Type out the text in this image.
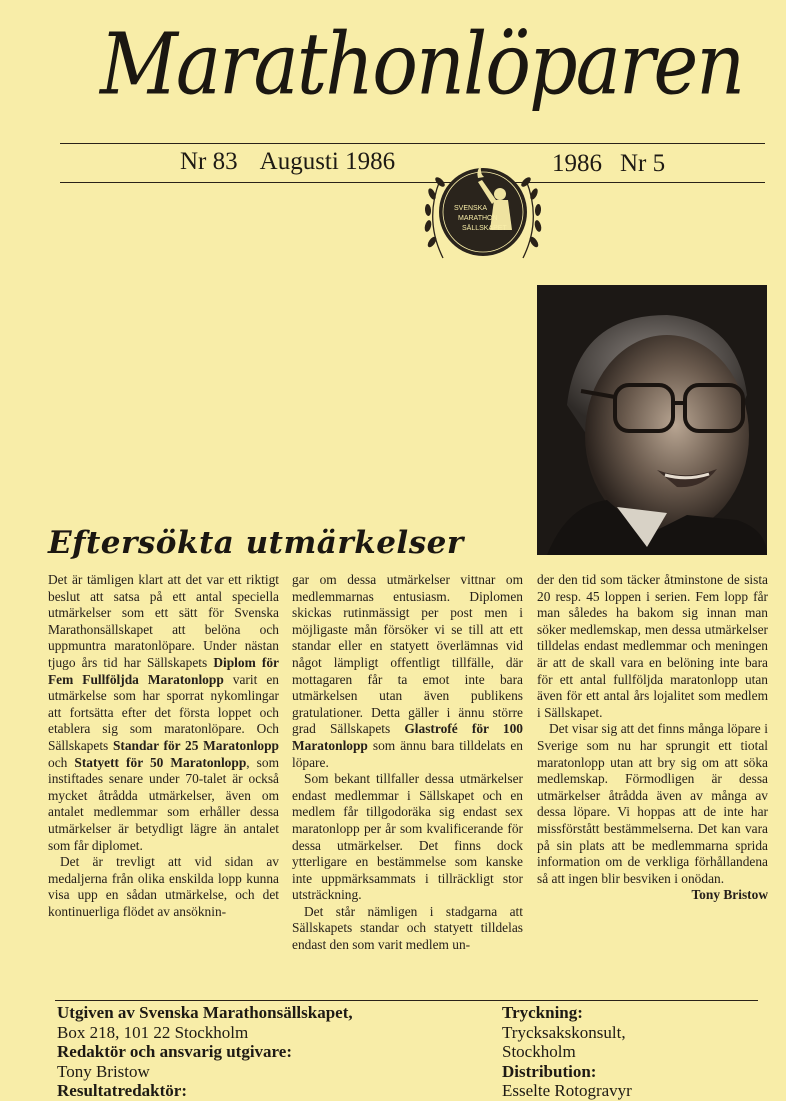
Marathonlöparen
Nr 83 Augusti 1986	1986 Nr 5
SVENSKA
MARATHON
SÄLLSKAPET
Eftersökta utmärkelser

Det är tämligen klart att det var ett riktigt beslut att satsa på ett antal speciella utmärkelser som ett sätt för Svenska Marathonsällskapet att belöna och uppmuntra maratonlöpare. Under nästan tjugo års tid har Sällskapets Diplom för Fem Fullföljda Maratonlopp varit en utmärkelse som har sporrat nykomlingar att fortsätta efter det första loppet och etablera sig som maratonlöpare. Och Sällskapets Standar för 25 Maratonlopp och Statyett för 50 Maratonlopp, som instiftades senare under 70-talet är också mycket åtrådda utmärkelser, även om antalet medlemmar som erhåller dessa utmärkelser är betydligt lägre än antalet som får diplomet.

Det är trevligt att vid sidan av medaljerna från olika enskilda lopp kunna visa upp en sådan utmärkelse, och det kontinuerliga flödet av ansöknin-

gar om dessa utmärkelser vittnar om medlemmarnas entusiasm. Diplomen skickas rutinmässigt per post men i möjligaste mån försöker vi se till att ett standar eller en statyett överlämnas vid något lämpligt offentligt tillfälle, där mottagaren får ta emot inte bara utmärkelsen utan även publikens gratulationer. Detta gäller i ännu större grad Sällskapets Glastrofé för 100 Maratonlopp som ännu bara tilldelats en löpare.

Som bekant tillfaller dessa utmärkelser endast medlemmar i Sällskapet och en medlem får tillgodoräka sig endast sex maratonlopp per år som kvalificerande för dessa utmärkelser. Det finns dock ytterligare en bestämmelse som kanske inte uppmärksammats i tillräckligt stor utsträckning.

Det står nämligen i stadgarna att Sällskapets standar och statyett tilldelas endast den som varit medlem un-

der den tid som täcker åtminstone de sista 20 resp. 45 loppen i serien. Fem lopp får man således ha bakom sig innan man söker medlemskap, men dessa utmärkelser tilldelas endast medlemmar och meningen är att de skall vara en belöning inte bara för ett antal fullföljda maratonlopp utan även för ett antal års lojalitet som medlem i Sällskapet.

Det visar sig att det finns många löpare i Sverige som nu har sprungit ett tiotal maratonlopp utan att bry sig om att söka medlemskap. Förmodligen är dessa utmärkelser åtrådda även av många av dessa löpare. Vi hoppas att de inte har missförstått bestämmelserna. Det kan vara på sin plats att be medlemmarna sprida information om de verkliga förhållandena så att ingen blir besviken i onödan.

Tony Bristow
Utgiven av Svenska Marathonsällskapet,
Box 218, 101 22 Stockholm
Redaktör och ansvarig utgivare:
Tony Bristow
Resultatredaktör:
Tryckning:
Trycksakskonsult,
Stockholm
Distribution:
Esselte Rotogravyr
